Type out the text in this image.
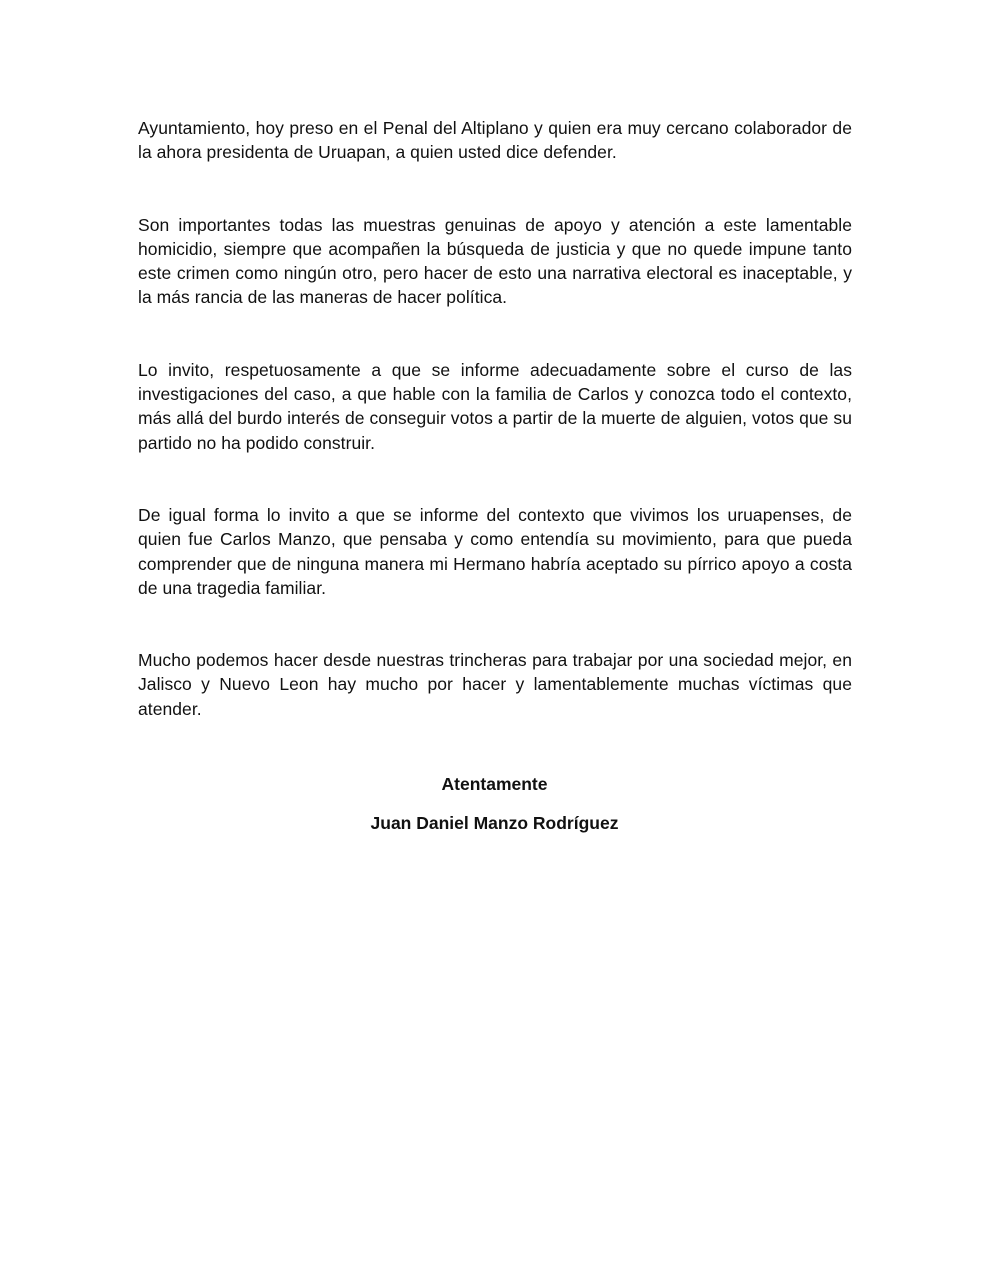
Ayuntamiento, hoy preso en el Penal del Altiplano y quien era muy cercano colaborador de la ahora presidenta de Uruapan, a quien usted dice defender.

Son importantes todas las muestras genuinas de apoyo y atención a este lamentable homicidio, siempre que acompañen la búsqueda de justicia y que no quede impune tanto este crimen como ningún otro, pero hacer de esto una narrativa electoral es inaceptable, y la más rancia de las maneras de hacer política.

Lo invito, respetuosamente a que se informe adecuadamente sobre el curso de las investigaciones del caso, a que hable con la familia de Carlos y conozca todo el contexto, más allá del burdo interés de conseguir votos a partir de la muerte de alguien, votos que su partido no ha podido construir.

De igual forma lo invito a que se informe del contexto que vivimos los uruapenses, de quien fue Carlos Manzo, que pensaba y como entendía su movimiento, para que pueda comprender que de ninguna manera mi Hermano habría aceptado su pírrico apoyo a costa de una tragedia familiar.

Mucho podemos hacer desde nuestras trincheras para trabajar por una sociedad mejor, en Jalisco y Nuevo Leon hay mucho por hacer y lamentablemente muchas víctimas que atender.

Atentamente
Juan Daniel Manzo Rodríguez
